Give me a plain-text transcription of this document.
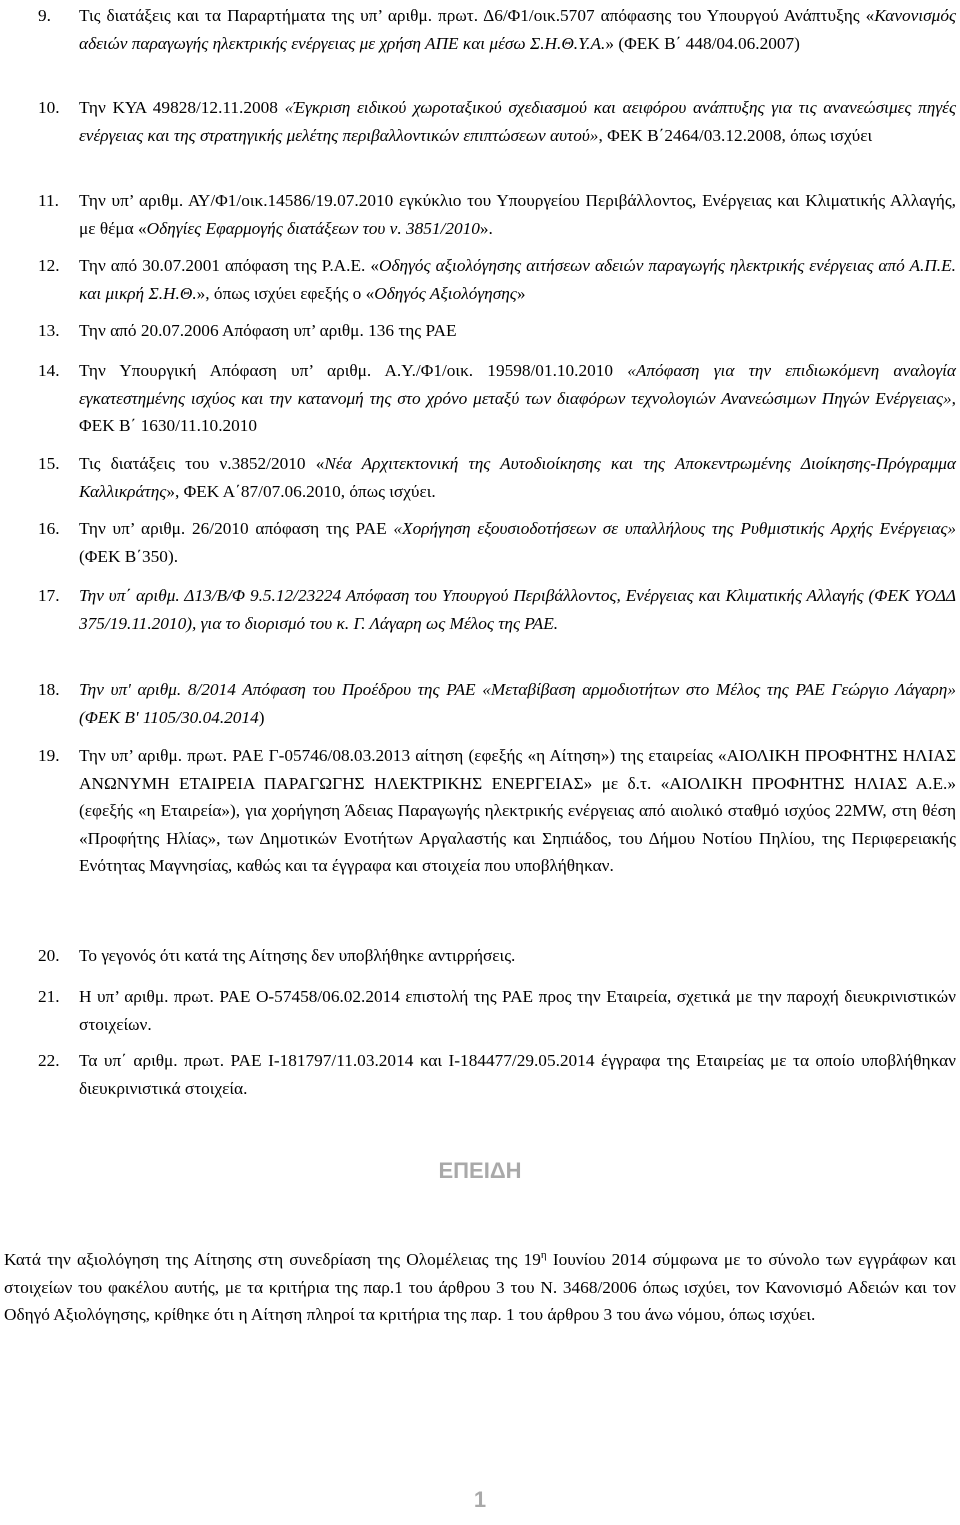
9. Τις διατάξεις και τα Παραρτήματα της υπ’ αριθμ. πρωτ. Δ6/Φ1/οικ.5707 απόφασης του Υπουργού Ανάπτυξης «Κανονισμός αδειών παραγωγής ηλεκτρικής ενέργειας με χρήση ΑΠΕ και μέσω Σ.Η.Θ.Υ.Α.» (ΦΕΚ Β΄ 448/04.06.2007)
10. Την ΚΥΑ 49828/12.11.2008 «Έγκριση ειδικού χωροταξικού σχεδιασμού και αειφόρου ανάπτυξης για τις ανανεώσιμες πηγές ενέργειας και της στρατηγικής μελέτης περιβαλλοντικών επιπτώσεων αυτού», ΦΕΚ Β΄2464/03.12.2008, όπως ισχύει
11. Την υπ’ αριθμ. ΑΥ/Φ1/οικ.14586/19.07.2010 εγκύκλιο του Υπουργείου Περιβάλλοντος, Ενέργειας και Κλιματικής Αλλαγής, με θέμα «Οδηγίες Εφαρμογής διατάξεων του ν. 3851/2010».
12. Την από 30.07.2001 απόφαση της Ρ.Α.Ε. «Οδηγός αξιολόγησης αιτήσεων αδειών παραγωγής ηλεκτρικής ενέργειας από Α.Π.Ε. και μικρή Σ.Η.Θ.», όπως ισχύει εφεξής ο «Οδηγός Αξιολόγησης»
13. Την από 20.07.2006 Απόφαση υπ’ αριθμ. 136 της ΡΑΕ
14. Την Υπουργική Απόφαση υπ’ αριθμ. Α.Υ./Φ1/οικ. 19598/01.10.2010 «Απόφαση για την επιδιωκόμενη αναλογία εγκατεστημένης ισχύος και την κατανομή της στο χρόνο μεταξύ των διαφόρων τεχνολογιών Ανανεώσιμων Πηγών Ενέργειας», ΦΕΚ Β΄ 1630/11.10.2010
15. Τις διατάξεις του ν.3852/2010 «Νέα Αρχιτεκτονική της Αυτοδιοίκησης και της Αποκεντρωμένης Διοίκησης-Πρόγραμμα Καλλικράτης», ΦΕΚ Α΄87/07.06.2010, όπως ισχύει.
16. Την υπ’ αριθμ. 26/2010 απόφαση της ΡΑΕ «Χορήγηση εξουσιοδοτήσεων σε υπαλλήλους της Ρυθμιστικής Αρχής Ενέργειας» (ΦΕΚ Β΄350).
17. Την υπ΄ αριθμ. Δ13/Β/Φ 9.5.12/23224 Απόφαση του Υπουργού Περιβάλλοντος, Ενέργειας και Κλιματικής Αλλαγής (ΦΕΚ ΥΟΔΔ 375/19.11.2010), για το διορισμό του κ. Γ. Λάγαρη ως Μέλος της ΡΑΕ.
18. Την υπ' αριθμ. 8/2014 Απόφαση του Προέδρου της ΡΑΕ «Μεταβίβαση αρμοδιοτήτων στο Μέλος της ΡΑΕ Γεώργιο Λάγαρη» (ΦΕΚ Β' 1105/30.04.2014)
19. Την υπ’ αριθμ. πρωτ. ΡΑΕ Γ-05746/08.03.2013 αίτηση (εφεξής «η Αίτηση») της εταιρείας «ΑΙΟΛΙΚΗ ΠΡΟΦΗΤΗΣ ΗΛΙΑΣ ΑΝΩΝΥΜΗ ΕΤΑΙΡΕΙΑ ΠΑΡΑΓΩΓΗΣ ΗΛΕΚΤΡΙΚΗΣ ΕΝΕΡΓΕΙΑΣ» με δ.τ. «ΑΙΟΛΙΚΗ ΠΡΟΦΗΤΗΣ ΗΛΙΑΣ Α.Ε.» (εφεξής «η Εταιρεία»), για χορήγηση Άδειας Παραγωγής ηλεκτρικής ενέργειας από αιολικό σταθμό ισχύος 22MW, στη θέση «Προφήτης Ηλίας», των Δημοτικών Ενοτήτων Αργαλαστής και Σηπιάδος, του Δήμου Νοτίου Πηλίου, της Περιφερειακής Ενότητας Μαγνησίας, καθώς και τα έγγραφα και στοιχεία που υποβλήθηκαν.
20. Το γεγονός ότι κατά της Αίτησης δεν υποβλήθηκε αντιρρήσεις.
21. Η υπ’ αριθμ. πρωτ. ΡΑΕ Ο-57458/06.02.2014 επιστολή της ΡΑΕ προς την Εταιρεία, σχετικά με την παροχή διευκρινιστικών στοιχείων.
22. Τα υπ΄ αριθμ. πρωτ. ΡΑΕ Ι-181797/11.03.2014 και Ι-184477/29.05.2014 έγγραφα της Εταιρείας με τα οποίο υποβλήθηκαν διευκρινιστικά στοιχεία.
ΕΠΕΙΔΗ

Κατά την αξιολόγηση της Αίτησης στη συνεδρίαση της Ολομέλειας της $19^\eta$ Ιουνίου 2014 σύμφωνα με το σύνολο των εγγράφων και στοιχείων του φακέλου αυτής, με τα κριτήρια της παρ.1 του άρθρου 3 του Ν. 3468/2006 όπως ισχύει, τον Κανονισμό Αδειών και τον Οδηγό Αξιολόγησης, κρίθηκε ότι η Αίτηση πληροί τα κριτήρια της παρ. 1 του άρθρου 3 του άνω νόμου, όπως ισχύει.

1
